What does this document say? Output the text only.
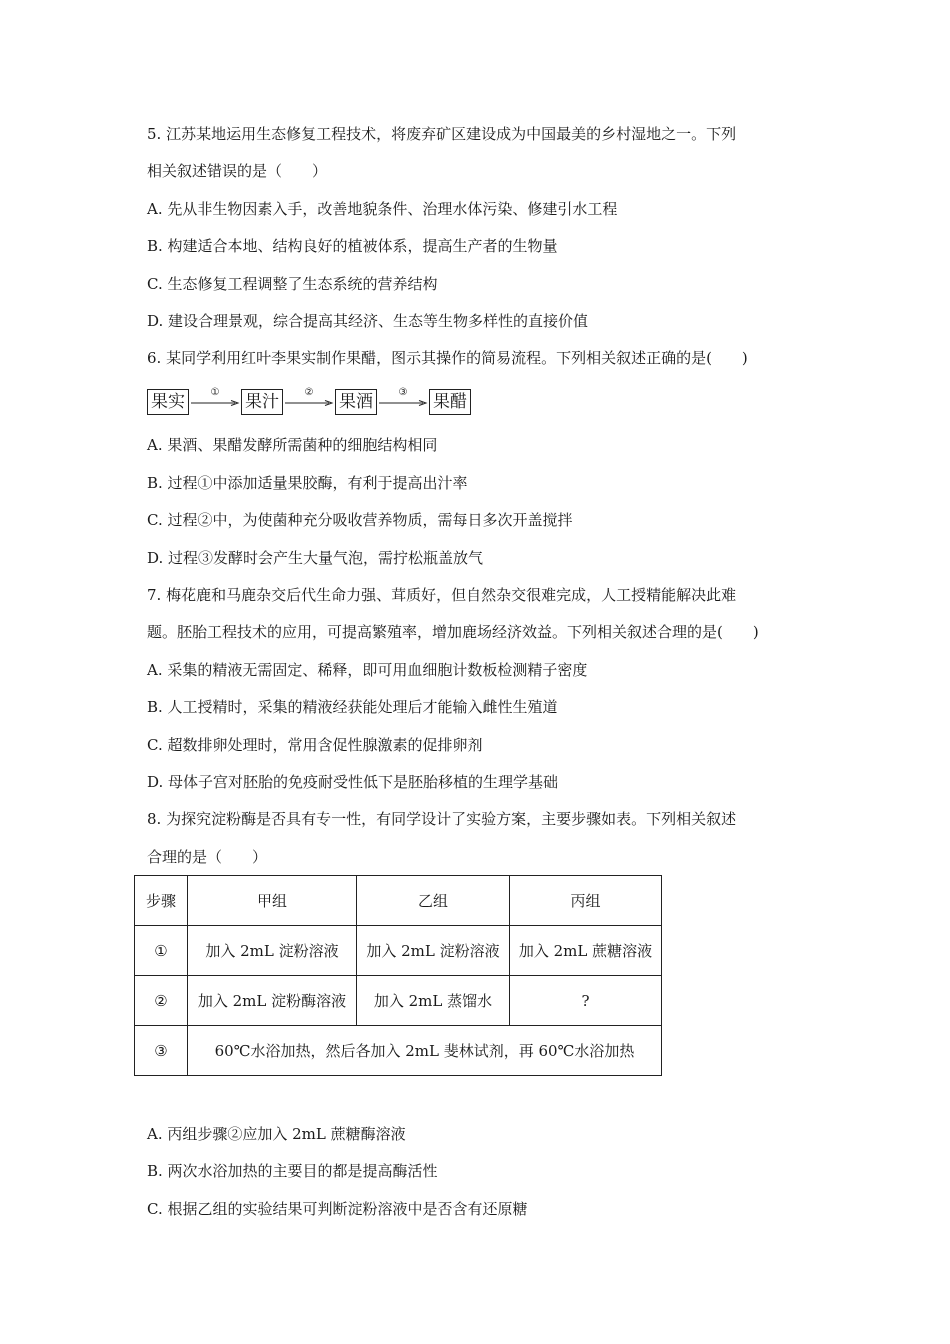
5. 江苏某地运用生态修复工程技术，将废弃矿区建设成为中国最美的乡村湿地之一。下列
相关叙述错误的是（　　）
A. 先从非生物因素入手，改善地貌条件、治理水体污染、修建引水工程
B. 构建适合本地、结构良好的植被体系，提高生产者的生物量
C. 生态修复工程调整了生态系统的营养结构
D. 建设合理景观，综合提高其经济、生态等生物多样性的直接价值
6. 某同学利用红叶李果实制作果醋，图示其操作的简易流程。下列相关叙述正确的是(　　)
果实	①	果汁	②	果酒	③	果醋
A. 果酒、果醋发酵所需菌种的细胞结构相同
B. 过程①中添加适量果胶酶，有利于提高出汁率
C. 过程②中，为使菌种充分吸收营养物质，需每日多次开盖搅拌
D. 过程③发酵时会产生大量气泡，需拧松瓶盖放气
7. 梅花鹿和马鹿杂交后代生命力强、茸质好，但自然杂交很难完成，人工授精能解决此难
题。胚胎工程技术的应用，可提高繁殖率，增加鹿场经济效益。下列相关叙述合理的是(　　)
A. 采集的精液无需固定、稀释，即可用血细胞计数板检测精子密度
B. 人工授精时，采集的精液经获能处理后才能输入雌性生殖道
C. 超数排卵处理时，常用含促性腺激素的促排卵剂
D. 母体子宫对胚胎的免疫耐受性低下是胚胎移植的生理学基础
8. 为探究淀粉酶是否具有专一性，有同学设计了实验方案，主要步骤如表。下列相关叙述
合理的是（　　）
步骤	甲组	乙组	丙组
①	加入 2mL 淀粉溶液	加入 2mL 淀粉溶液	加入 2mL 蔗糖溶液
②	加入 2mL 淀粉酶溶液	加入 2mL 蒸馏水	?
③	60℃水浴加热，然后各加入 2mL 斐林试剂，再 60℃水浴加热		
A. 丙组步骤②应加入 2mL 蔗糖酶溶液
B. 两次水浴加热的主要目的都是提高酶活性
C. 根据乙组的实验结果可判断淀粉溶液中是否含有还原糖
